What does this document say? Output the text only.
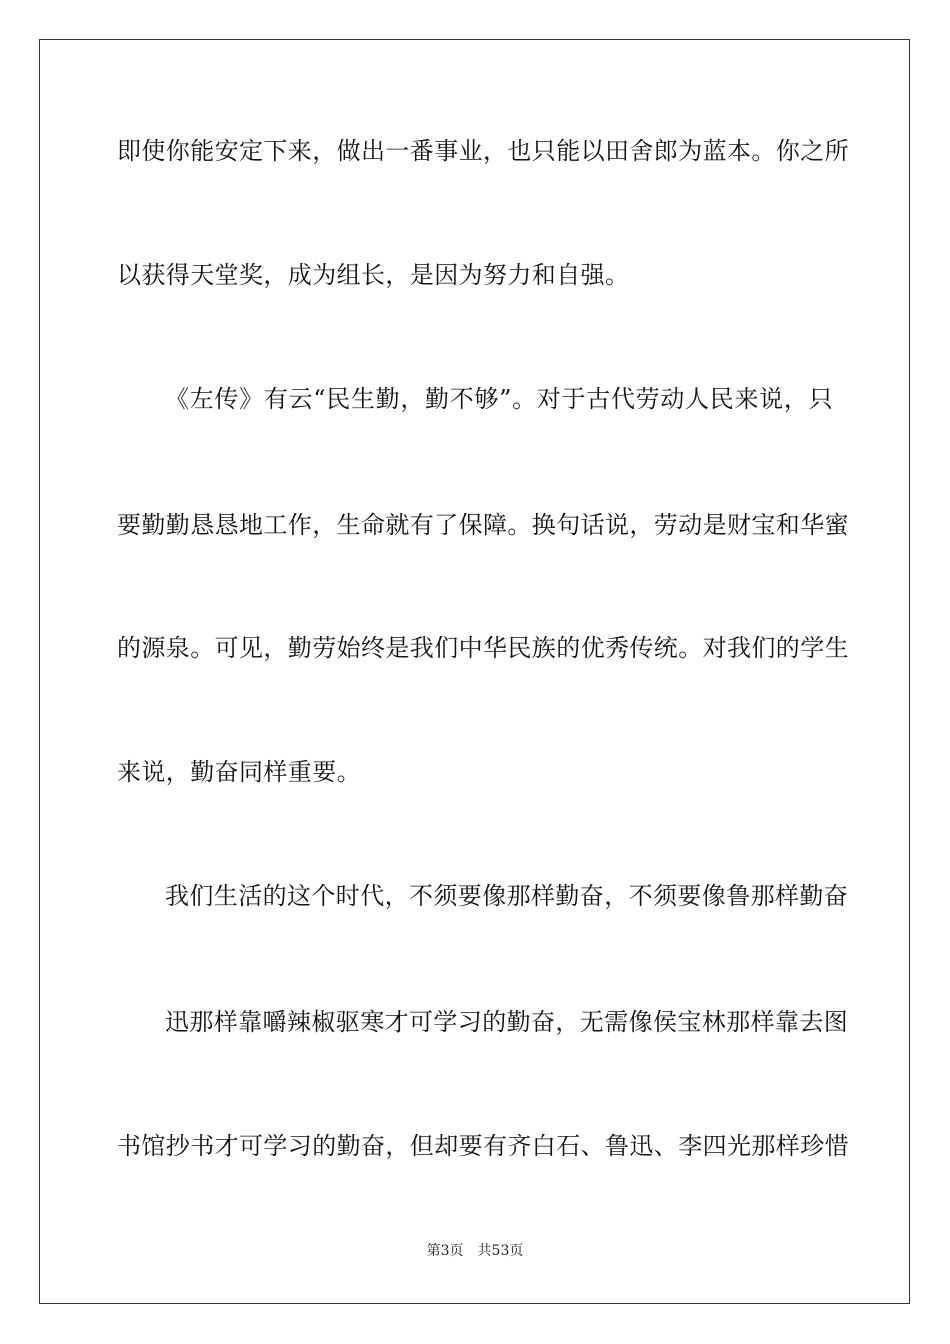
即使你能安定下来，做出一番事业，也只能以田舍郎为蓝本。你之所
以获得天堂奖，成为组长，是因为努力和自强。
《左传》有云“民生勤，勤不够”。对于古代劳动人民来说，只
要勤勤恳恳地工作，生命就有了保障。换句话说，劳动是财宝和华蜜
的源泉。可见，勤劳始终是我们中华民族的优秀传统。对我们的学生
来说，勤奋同样重要。
我们生活的这个时代，不须要像那样勤奋，不须要像鲁那样勤奋
迅那样靠嚼辣椒驱寒才可学习的勤奋，无需像侯宝林那样靠去图
书馆抄书才可学习的勤奋，但却要有齐白石、鲁迅、李四光那样珍惜
第3页 共53页
